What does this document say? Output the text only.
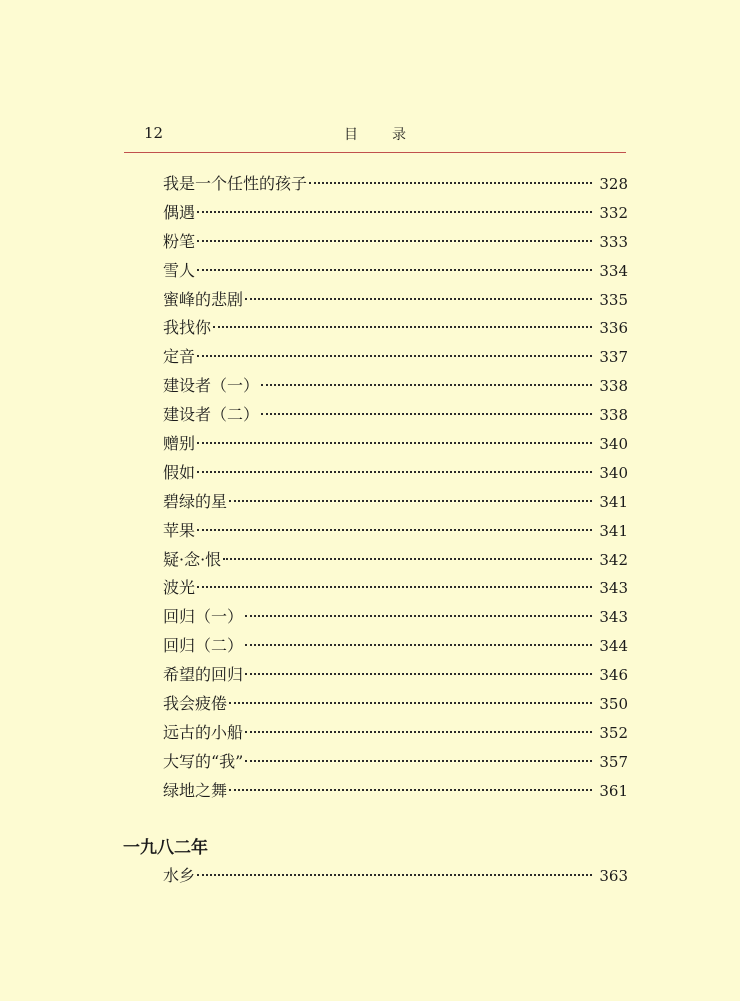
12	目录
我是一个任性的孩子	328
偶遇	332
粉笔	333
雪人	334
蜜峰的悲剧	335
我找你	336
定音	337
建设者（一）	338
建设者（二）	338
赠别	340
假如	340
碧绿的星	341
苹果	341
疑·念·恨	342
波光	343
回归（一）	343
回归（二）	344
希望的回归	346
我会疲倦	350
远古的小船	352
大写的“我”	357
绿地之舞	361
一九八二年
水乡	363
